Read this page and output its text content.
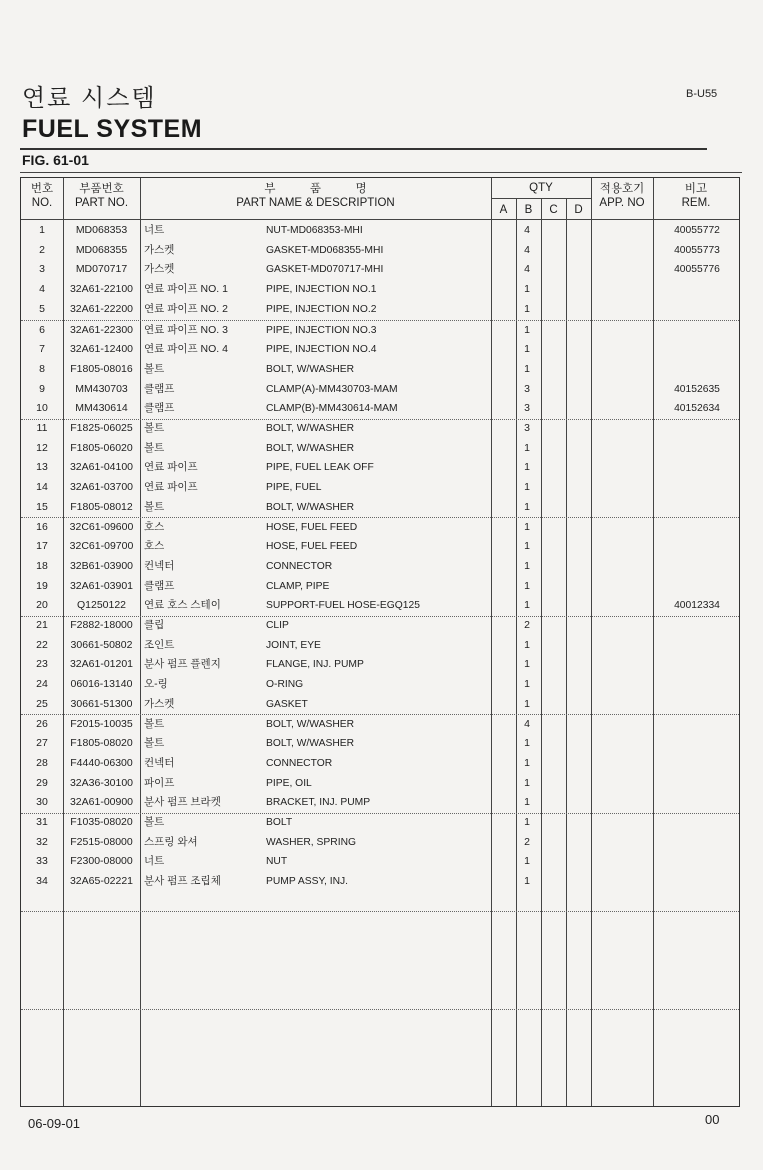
연료 시스템
FUEL SYSTEM
B-U55
FIG. 61-01
번호
NO.
부품번호
PART NO.
부　　　품　　　명
PART NAME & DESCRIPTION
QTY
A	B	C	D
적용호기
APP. NO
비고
REM.
1	MD068353	너트	NUT-MD068353-MHI	4	40055772
2	MD068355	가스켓	GASKET-MD068355-MHI	4	40055773
3	MD070717	가스켓	GASKET-MD070717-MHI	4	40055776
4	32A61-22100	연료 파이프 NO. 1	PIPE, INJECTION NO.1	1
5	32A61-22200	연료 파이프 NO. 2	PIPE, INJECTION NO.2	1
6	32A61-22300	연료 파이프 NO. 3	PIPE, INJECTION NO.3	1
7	32A61-12400	연료 파이프 NO. 4	PIPE, INJECTION NO.4	1
8	F1805-08016	볼트	BOLT, W/WASHER	1
9	MM430703	클램프	CLAMP(A)-MM430703-MAM	3	40152635
10	MM430614	클램프	CLAMP(B)-MM430614-MAM	3	40152634
11	F1825-06025	볼트	BOLT, W/WASHER	3
12	F1805-06020	볼트	BOLT, W/WASHER	1
13	32A61-04100	연료 파이프	PIPE, FUEL LEAK OFF	1
14	32A61-03700	연료 파이프	PIPE, FUEL	1
15	F1805-08012	볼트	BOLT, W/WASHER	1
16	32C61-09600	호스	HOSE, FUEL FEED	1
17	32C61-09700	호스	HOSE, FUEL FEED	1
18	32B61-03900	컨넥터	CONNECTOR	1
19	32A61-03901	클램프	CLAMP, PIPE	1
20	Q1250122	연료 호스 스테이	SUPPORT-FUEL HOSE-EGQ125	1	40012334
21	F2882-18000	클립	CLIP	2
22	30661-50802	조인트	JOINT, EYE	1
23	32A61-01201	분사 펌프 플렌지	FLANGE, INJ. PUMP	1
24	06016-13140	오-링	O-RING	1
25	30661-51300	가스켓	GASKET	1
26	F2015-10035	볼트	BOLT, W/WASHER	4
27	F1805-08020	볼트	BOLT, W/WASHER	1
28	F4440-06300	컨넥터	CONNECTOR	1
29	32A36-30100	파이프	PIPE, OIL	1
30	32A61-00900	분사 펌프 브라켓	BRACKET, INJ. PUMP	1
31	F1035-08020	볼트	BOLT	1
32	F2515-08000	스프링 와셔	WASHER, SPRING	2
33	F2300-08000	너트	NUT	1
34	32A65-02221	분사 펌프 조립체	PUMP ASSY, INJ.	1
06-09-01	00
